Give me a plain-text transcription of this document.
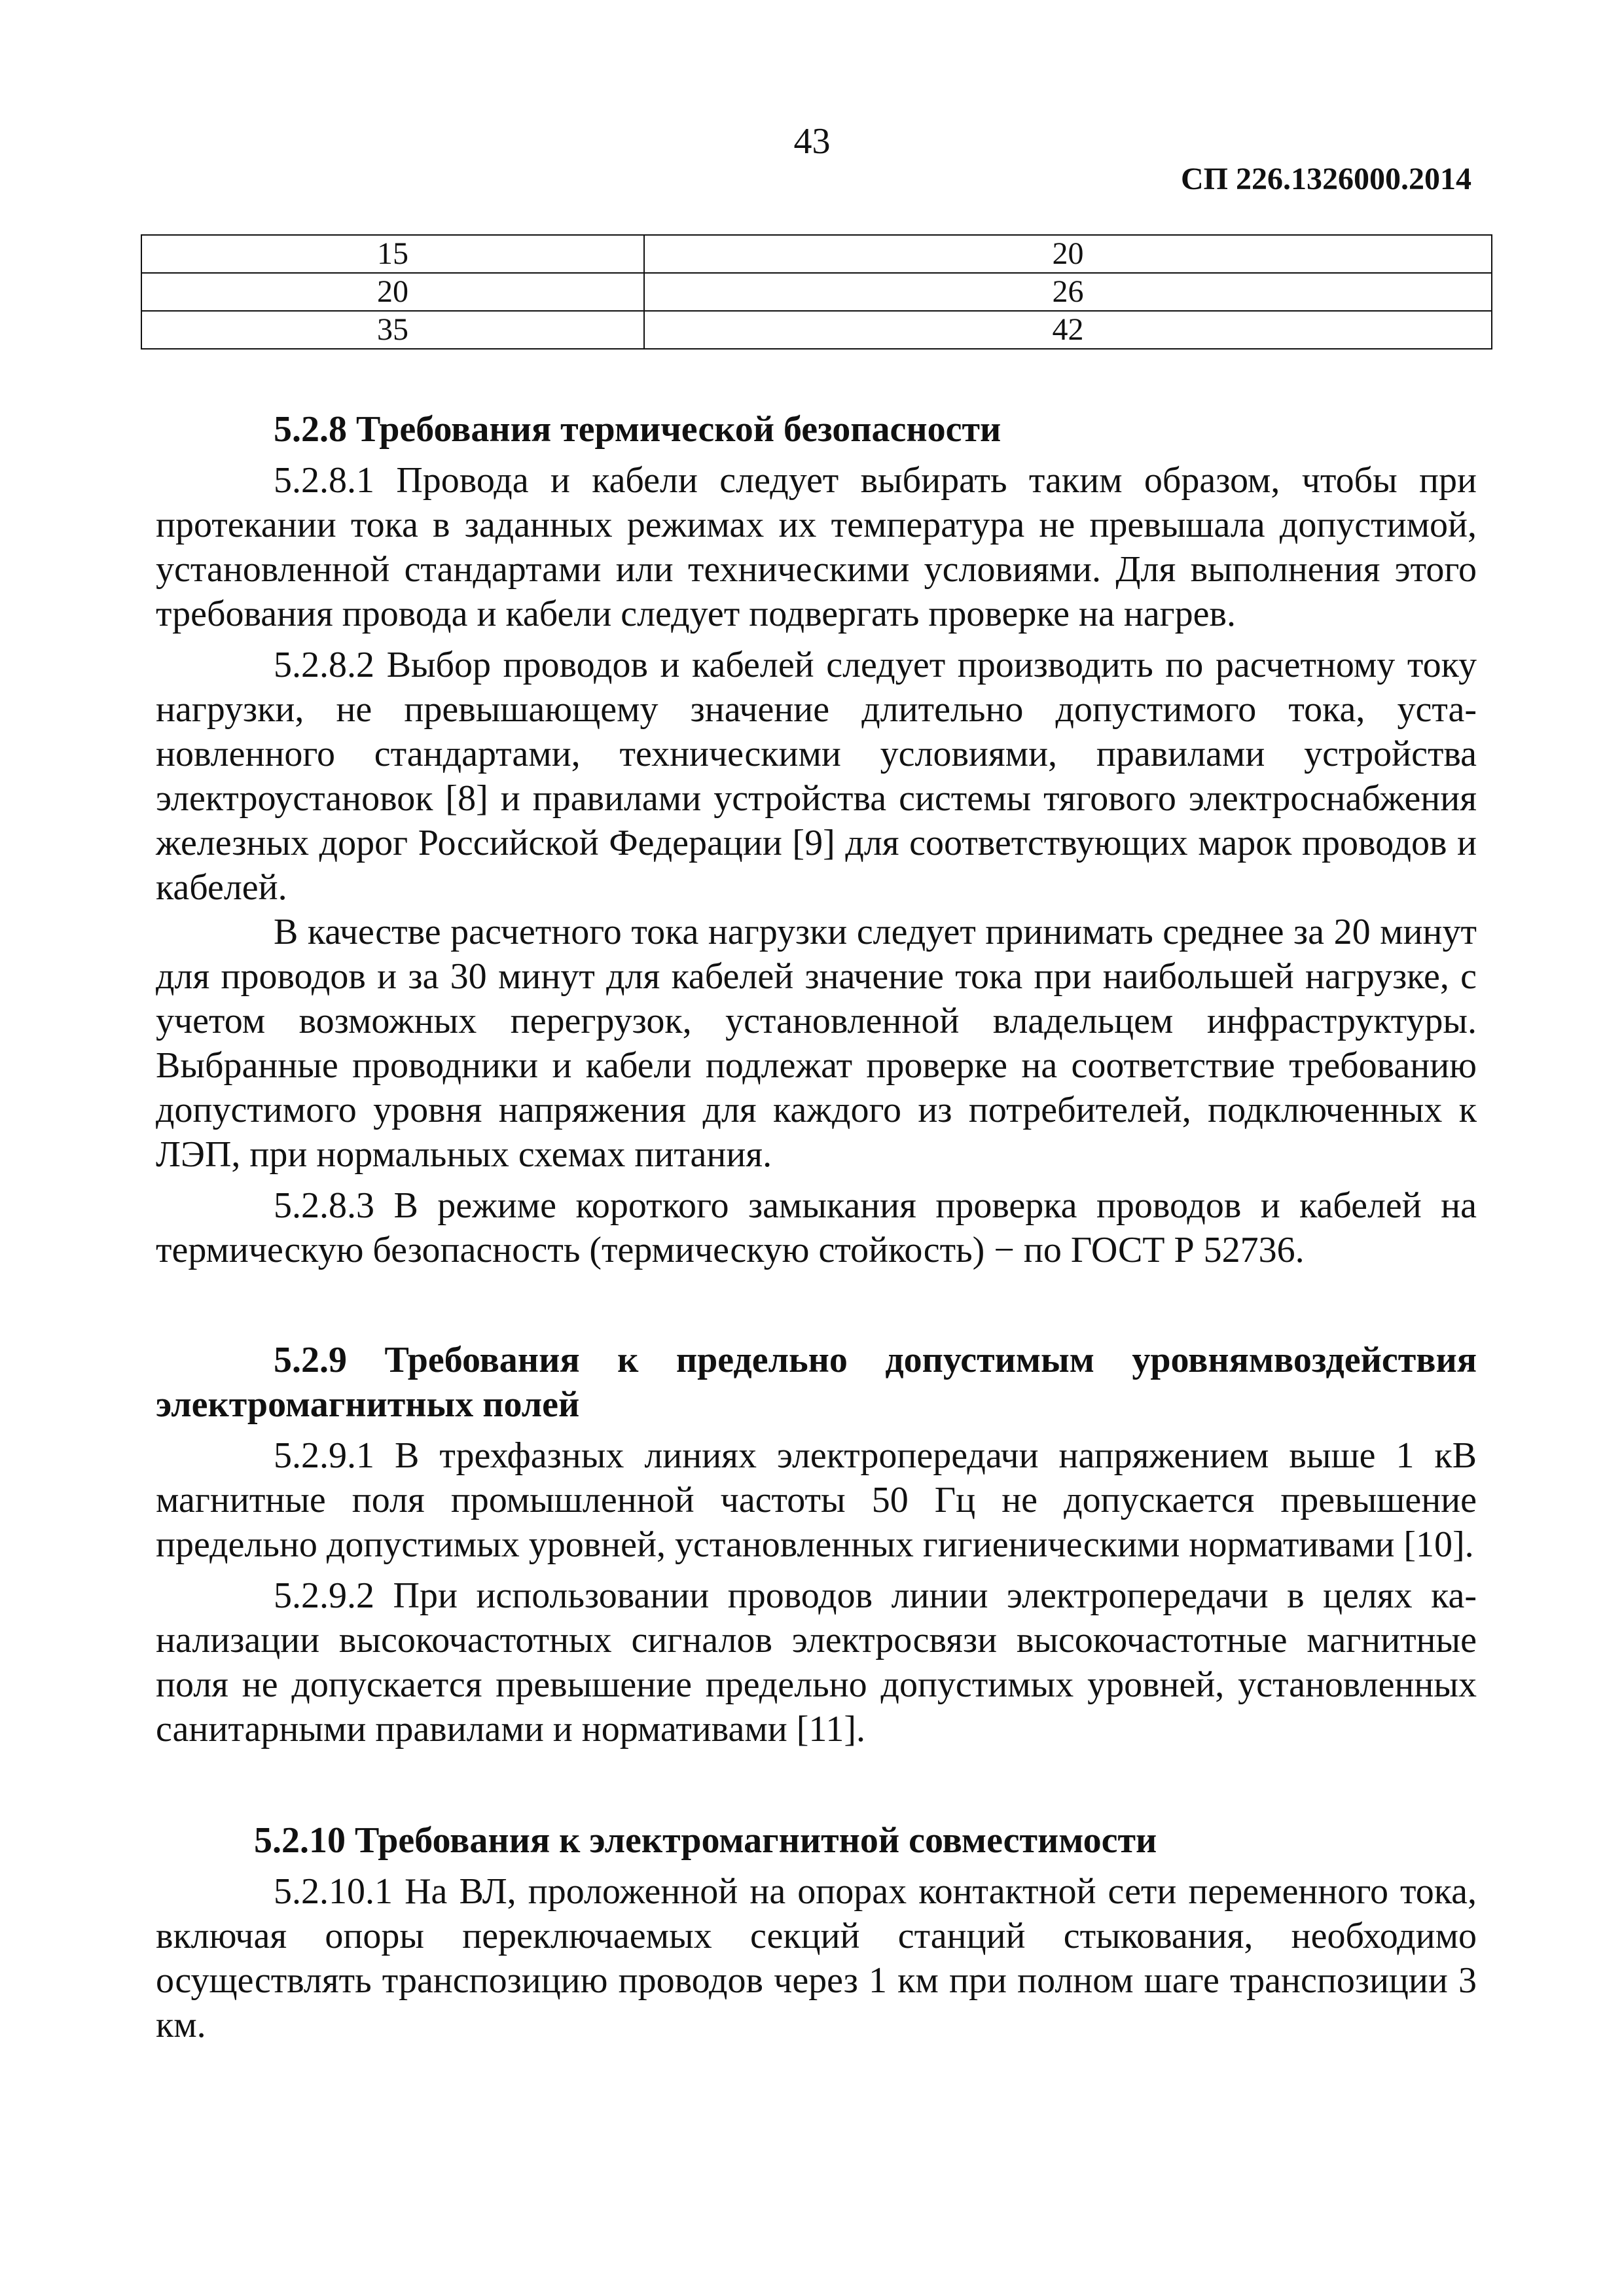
43
СП 226.1326000.2014
15	20
20	26
35	42
5.2.8 Требования термической безопасности

5.2.8.1 Провода и кабели следует выбирать таким образом, чтобы при протекании тока в заданных режимах их температура не превышала допустимой, установленной стандартами или техническими условиями. Для выполнения этого требования провода и кабели следует подвергать проверке на нагрев.

5.2.8.2 Выбор проводов и кабелей следует производить по расчетному току нагрузки, не превышающему значение длительно допустимого тока, установленного стандартами, техническими условиями, правилами устройства электроустановок [8] и правилами устройства системы тягового электроснабжения железных дорог Российской Федерации [9] для соответствующих марок проводов и кабелей.

В качестве расчетного тока нагрузки следует принимать среднее за 20 минут для проводов и за 30 минут для кабелей значение тока при наибольшей нагрузке, с учетом возможных перегрузок, установленной владельцем инфраструктуры. Выбранные проводники и кабели подлежат проверке на соответствие требованию допустимого уровня напряжения для каждого из потребителей, подключенных к ЛЭП, при нормальных схемах питания.

5.2.8.3 В режиме короткого замыкания проверка проводов и кабелей на термическую безопасность (термическую стойкость) − по ГОСТ Р 52736.

5.2.9 Требования к предельно допустимым уровнямвоздействия электромагнитных полей

5.2.9.1 В трехфазных линиях электропередачи напряжением выше 1 кВ магнитные поля промышленной частоты 50 Гц не допускается превышение предельно допустимых уровней, установленных гигиеническими нормативами [10].

5.2.9.2 При использовании проводов линии электропередачи в целях канализации высокочастотных сигналов электросвязи высокочастотные магнитные поля не допускается превышение предельно допустимых уровней, установленных санитарными правилами и нормативами [11].

5.2.10 Требования к электромагнитной совместимости

5.2.10.1 На ВЛ, проложенной на опорах контактной сети переменного тока, включая опоры переключаемых секций станций стыкования, необходимо осуществлять транспозицию проводов через 1 км при полном шаге транспозиции 3 км.
